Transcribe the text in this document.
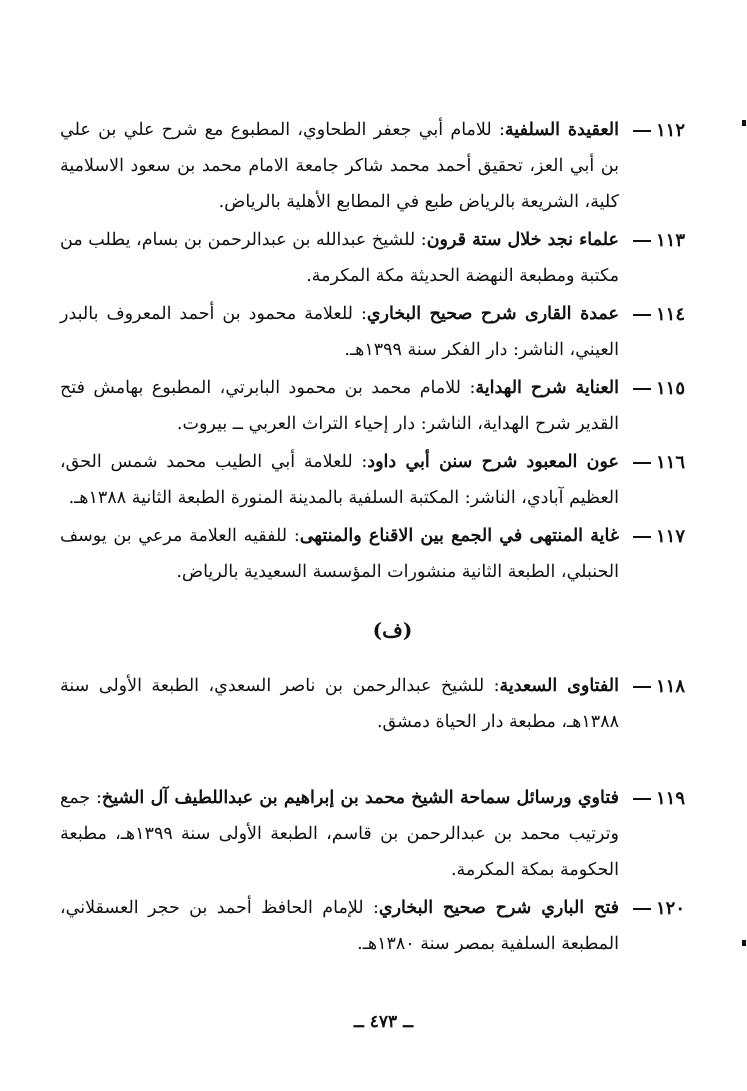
١١٢
العقيدة السلفية: للامام أبي جعفر الطحاوي، المطبوع مع شرح علي بن علي بن أبي العز، تحقيق أحمد محمد شاكر جامعة الامام محمد بن سعود الاسلامية كلية، الشريعة بالرياض طبع في المطابع الأهلية بالرياض.
١١٣
علماء نجد خلال ستة قرون: للشيخ عبدالله بن عبدالرحمن بن بسام، يطلب من مكتبة ومطبعة النهضة الحديثة مكة المكرمة.
١١٤
عمدة القارى شرح صحيح البخاري: للعلامة محمود بن أحمد المعروف بالبدر العيني، الناشر: دار الفكر سنة ١٣٩٩هـ.
١١٥
العناية شرح الهداية: للامام محمد بن محمود البابرتي، المطبوع بهامش فتح القدير شرح الهداية، الناشر: دار إحياء التراث العربي ــ بيروت.
١١٦
عون المعبود شرح سنن أبي داود: للعلامة أبي الطيب محمد شمس الحق، العظيم آبادي، الناشر: المكتبة السلفية بالمدينة المنورة الطبعة الثانية ١٣٨٨هـ.
١١٧
غاية المنتهى في الجمع بين الاقناع والمنتهى: للفقيه العلامة مرعي بن يوسف الحنبلي، الطبعة الثانية منشورات المؤسسة السعيدية بالرياض.
(ف)
١١٨
الفتاوى السعدية: للشيخ عبدالرحمن بن ناصر السعدي، الطبعة الأولى سنة ١٣٨٨هـ، مطبعة دار الحياة دمشق.
١١٩
فتاوي ورسائل سماحة الشيخ محمد بن إبراهيم بن عبداللطيف آل الشيخ: جمع وترتيب محمد بن عبدالرحمن بن قاسم، الطبعة الأولى سنة ١٣٩٩هـ، مطبعة الحكومة بمكة المكرمة.
١٢٠
فتح الباري شرح صحيح البخاري: للإمام الحافظ أحمد بن حجر العسقلاني، المطبعة السلفية بمصر سنة ١٣٨٠هـ.
ــ ٤٧٣ ــ
